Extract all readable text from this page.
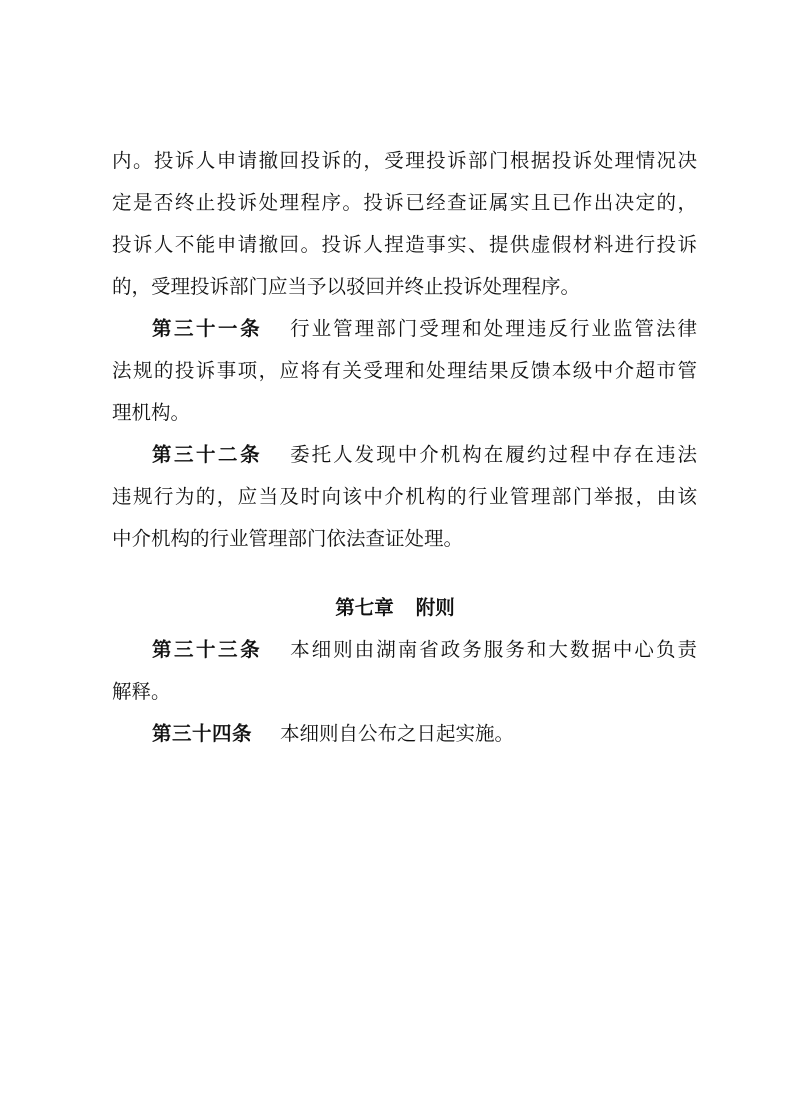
内。投诉人申请撤回投诉的，受理投诉部门根据投诉处理情况决
定是否终止投诉处理程序。投诉已经查证属实且已作出决定的，
投诉人不能申请撤回。投诉人捏造事实、提供虚假材料进行投诉
的，受理投诉部门应当予以驳回并终止投诉处理程序。
第三十一条 行业管理部门受理和处理违反行业监管法律
法规的投诉事项，应将有关受理和处理结果反馈本级中介超市管
理机构。
第三十二条 委托人发现中介机构在履约过程中存在违法
违规行为的，应当及时向该中介机构的行业管理部门举报，由该
中介机构的行业管理部门依法查证处理。
第七章 附则
第三十三条 本细则由湖南省政务服务和大数据中心负责
解释。
第三十四条 本细则自公布之日起实施。
